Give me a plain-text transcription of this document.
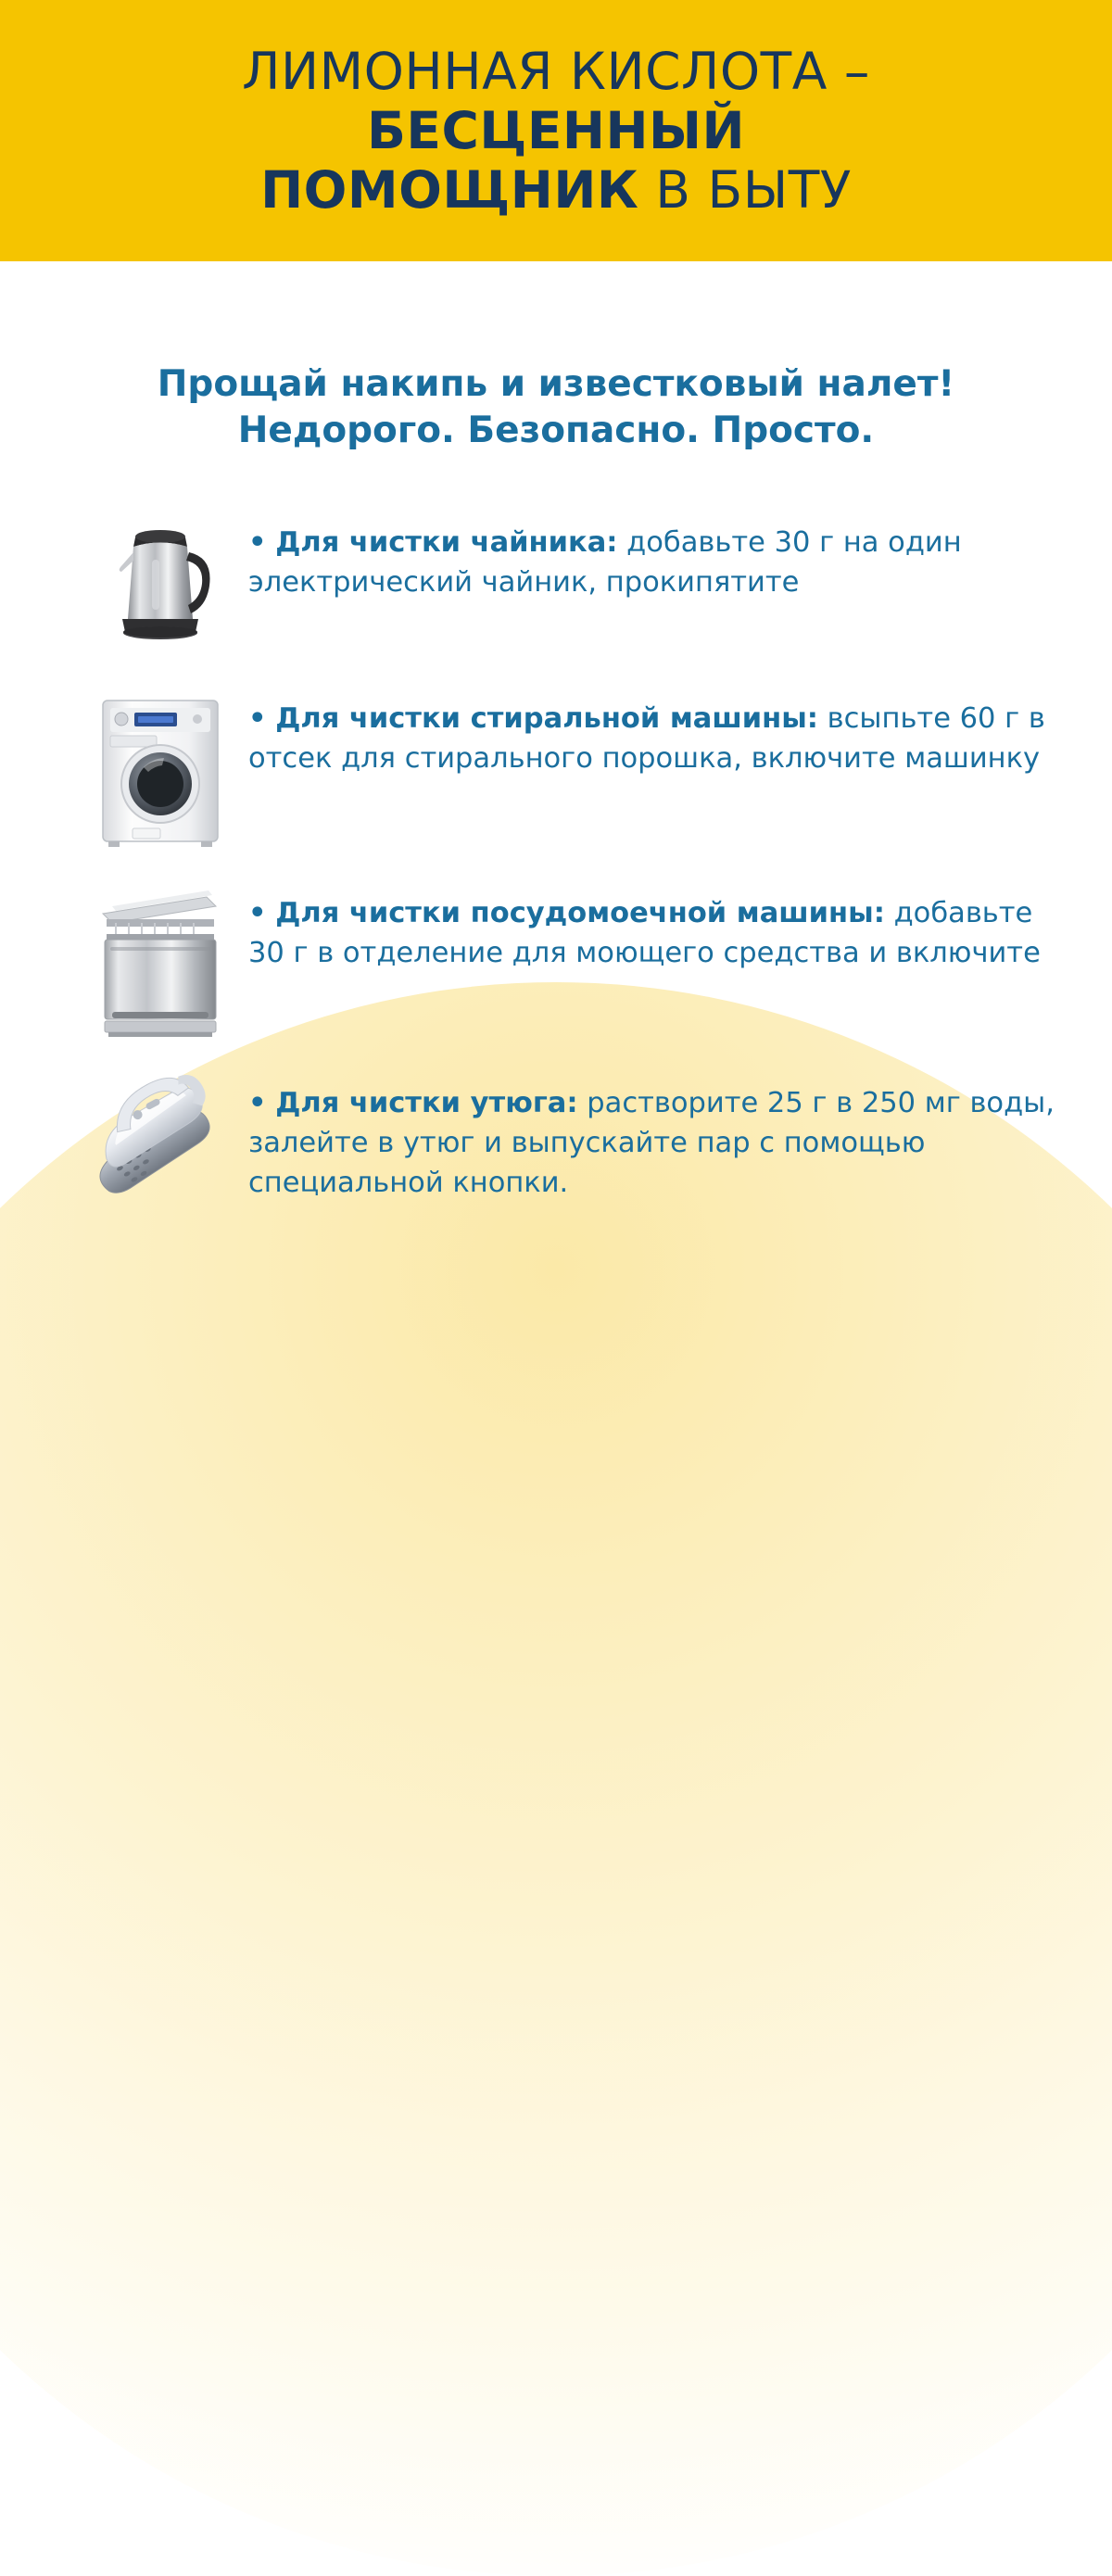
ЛИМОННАЯ КИСЛОТА –
БЕСЦЕННЫЙ
ПОМОЩНИК В БЫТУ
Прощай накипь и известковый налет!
Недорого. Безопасно. Просто.
• Для чистки чайника: добавьте 30 г на один электрический чайник, прокипятите
• Для чистки стиральной машины: всыпьте 60 г в отсек для стирального порошка, включите машинку
• Для чистки посудомоечной машины: добавьте 30 г в отделение для моющего средства и включите
• Для чистки утюга: растворите 25 г в 250 мг воды, залейте в утюг и выпускайте пар с помощью специальной кнопки.
